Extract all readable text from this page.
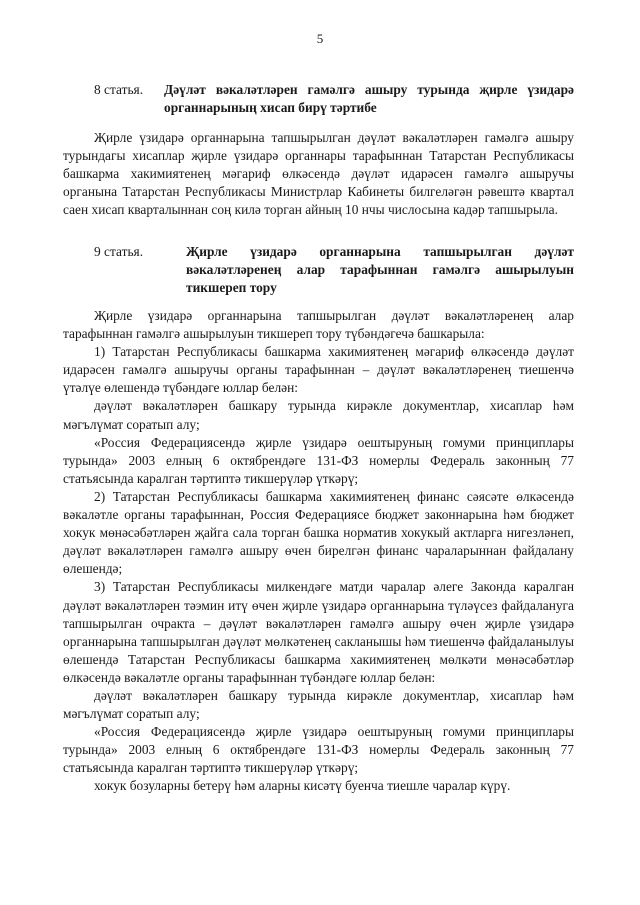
5
8 статья.	Дәүләт вәкаләтләрен гамәлгә ашыру турында җирле үзидарә органнарының хисап бирү тәртибе

Җирле үзидарә органнарына тапшырылган дәүләт вәкаләтләрен гамәлгә ашыру турындагы хисаплар җирле үзидарә органнары тарафыннан Татарстан Республикасы башкарма хакимиятенең мәгариф өлкәсендә дәүләт идарәсен гамәлгә ашыручы органына Татарстан Республикасы Министрлар Кабинеты билгеләгән рәвештә квартал саен хисап кварталыннан соң килә торган айның 10 нчы числосына кадәр тапшырыла.

9 статья.	Җирле үзидарә органнарына тапшырылган дәүләт вәкаләтләренең алар тарафыннан гамәлгә ашырылуын тикшереп тору

Җирле үзидарә органнарына тапшырылган дәүләт вәкаләтләренең алар тарафыннан гамәлгә ашырылуын тикшереп тору түбәндәгечә башкарыла:

1) Татарстан Республикасы башкарма хакимиятенең мәгариф өлкәсендә дәүләт идарәсен гамәлгә ашыручы органы тарафыннан – дәүләт вәкаләтләренең тиешенчә үтәлүе өлешендә түбәндәге юллар белән:

дәүләт вәкаләтләрен башкару турында кирәкле документлар, хисаплар һәм мәгълүмат соратып алу;

«Россия Федерациясендә җирле үзидарә оештыруның гомуми принциплары турында» 2003 елның 6 октябрендәге 131-ФЗ номерлы Федераль законның 77 статьясында каралган тәртиптә тикшерүләр үткәрү;

2) Татарстан Республикасы башкарма хакимиятенең финанс сәясәте өлкәсендә вәкаләтле органы тарафыннан, Россия Федерациясе бюджет законнарына һәм бюджет хокук мөнәсәбәтләрен җайга сала торган башка норматив хокукый актларга нигезләнеп, дәүләт вәкаләтләрен гамәлгә ашыру өчен бирелгән финанс чараларыннан файдалану өлешендә;

3) Татарстан Республикасы милкендәге матди чаралар әлеге Законда каралган дәүләт вәкаләтләрен тәэмин итү өчен җирле үзидарә органнарына түләүсез файдалануга тапшырылган очракта – дәүләт вәкаләтләрен гамәлгә ашыру өчен җирле үзидарә органнарына тапшырылган дәүләт мөлкәтенең сакланышы һәм тиешенчә файдаланылуы өлешендә Татарстан Республикасы башкарма хакимиятенең мөлкәти мөнәсәбәтләр өлкәсендә вәкаләтле органы тарафыннан түбәндәге юллар белән:

дәүләт вәкаләтләрен башкару турында кирәкле документлар, хисаплар һәм мәгълүмат соратып алу;

«Россия Федерациясендә җирле үзидарә оештыруның гомуми принциплары турында» 2003 елның 6 октябрендәге 131-ФЗ номерлы Федераль законның 77 статьясында каралган тәртиптә тикшерүләр үткәрү;

хокук бозуларны бетерү һәм аларны кисәтү буенча тиешле чаралар күрү.
